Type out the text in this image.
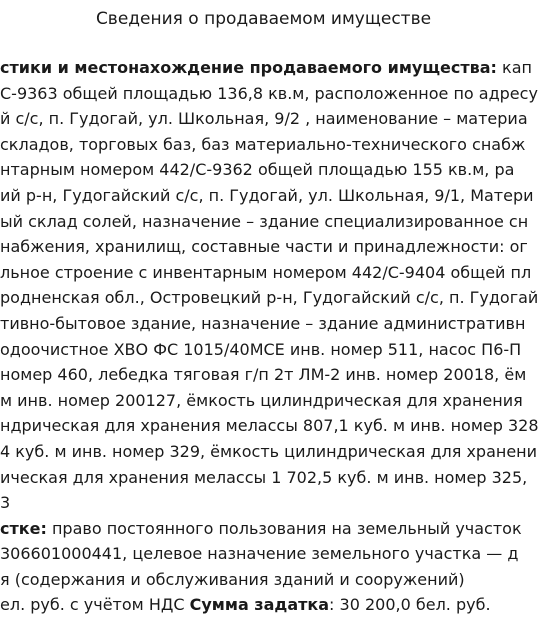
Сведения о продаваемом имуществе
стики и местонахождение продаваемого имущества: кап
С-9363 общей площадью 136,8 кв.м, расположенное по адресу
й с/с, п. Гудогай, ул. Школьная, 9/2 , наименование – материа
складов, торговых баз, баз материально-технического снабж
нтарным номером 442/С-9362 общей площадью 155 кв.м, ра
ий р-н, Гудогайский с/с, п. Гудогай, ул. Школьная, 9/1, Матери
ый склад солей, назначение – здание специализированное сн
набжения, хранилищ, составные части и принадлежности: ог
льное строение с инвентарным номером 442/С-9404 общей пл
родненская обл., Островецкий р-н, Гудогайский с/с, п. Гудогай
тивно-бытовое здание, назначение – здание административн
одоочистное ХВО ФС 1015/40МСЕ инв. номер 511, насос П6-П
номер 460, лебедка тяговая г/п 2т ЛМ-2 инв. номер 20018, ём
м инв. номер 200127, ёмкость цилиндрическая для хранения
ндрическая для хранения мелассы 807,1 куб. м инв. номер 328
4 куб. м инв. номер 329, ёмкость цилиндрическая для хранени
ическая для хранения мелассы 1 702,5 куб. м инв. номер 325,
3
стке: право постоянного пользования на земельный участок
306601000441, целевое назначение земельного участка — д
я (содержания и обслуживания зданий и сооружений)
ел. руб. с учётом НДС Сумма задатка: 30 200,0 бел. руб.
